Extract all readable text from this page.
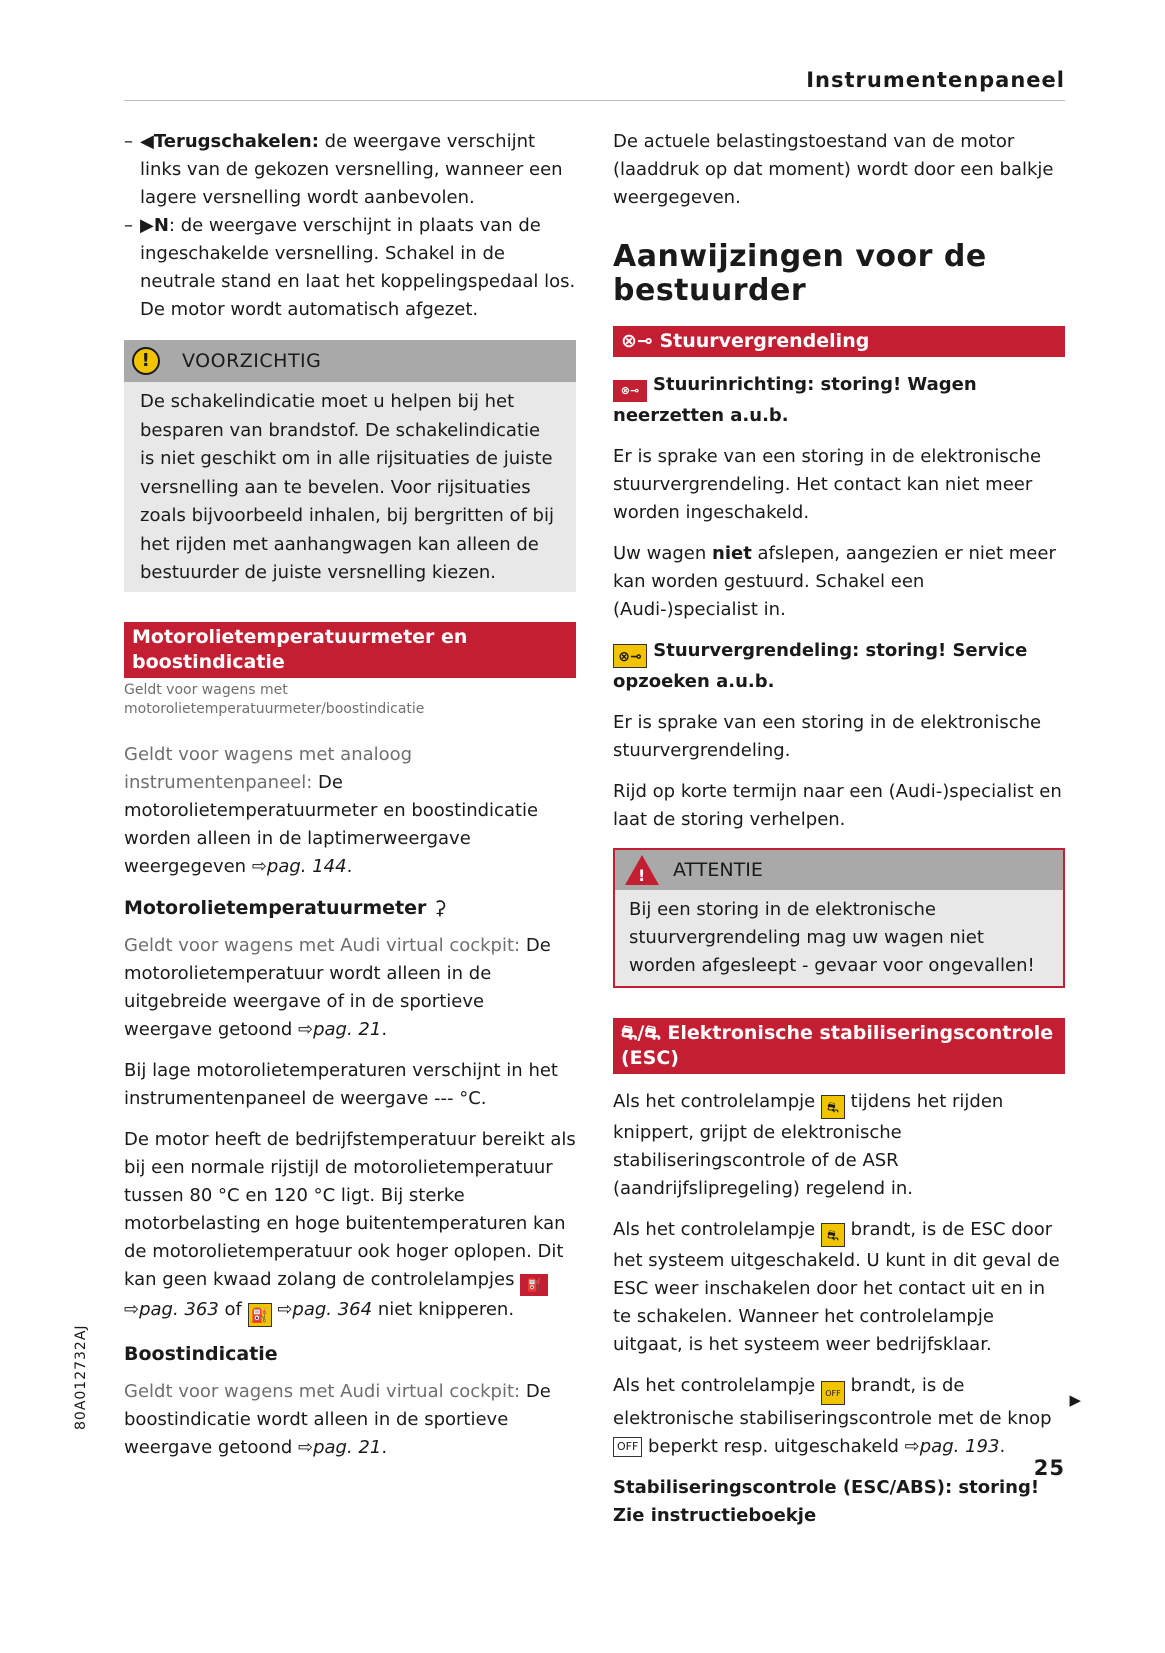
Instrumentenpaneel

– ◀Terugschakelen: de weergave verschijnt links van de gekozen versnelling, wanneer een lagere versnelling wordt aanbevolen.

– ▶N: de weergave verschijnt in plaats van de ingeschakelde versnelling. Schakel in de neutrale stand en laat het koppelingspedaal los. De motor wordt automatisch afgezet.

!	VOORZICHTIG
De schakelindicatie moet u helpen bij het besparen van brandstof. De schakelindicatie is niet geschikt om in alle rijsituaties de juiste versnelling aan te bevelen. Voor rijsituaties zoals bijvoorbeeld inhalen, bij bergritten of bij het rijden met aanhangwagen kan alleen de bestuurder de juiste versnelling kiezen.
Motorolietemperatuurmeter en boostindicatie
Geldt voor wagens met motorolietemperatuurmeter/boostindicatie

Geldt voor wagens met analoog instrumentenpaneel: De motorolietemperatuurmeter en boostindicatie worden alleen in de laptimerweergave weergegeven ⇨pag. 144.

Motorolietemperatuurmeter ⚳

Geldt voor wagens met Audi virtual cockpit: De motorolietemperatuur wordt alleen in de uitgebreide weergave of in de sportieve weergave getoond ⇨pag. 21.

Bij lage motorolietemperaturen verschijnt in het instrumentenpaneel de weergave --- °C.

De motor heeft de bedrijfstemperatuur bereikt als bij een normale rijstijl de motorolietemperatuur tussen 80 °C en 120 °C ligt. Bij sterke motorbelasting en hoge buitentemperaturen kan de motorolietemperatuur ook hoger oplopen. Dit kan geen kwaad zolang de controlelampjes ⛽ ⇨pag. 363 of ⛽ ⇨pag. 364 niet knipperen.

Boostindicatie

Geldt voor wagens met Audi virtual cockpit: De boostindicatie wordt alleen in de sportieve weergave getoond ⇨pag. 21.

De actuele belastingstoestand van de motor (laaddruk op dat moment) wordt door een balkje weergegeven.

Aanwijzingen voor de bestuurder
⊗⊸ Stuurvergrendeling

⊗⊸ Stuurinrichting: storing! Wagen neerzetten a.u.b.

Er is sprake van een storing in de elektronische stuurvergrendeling. Het contact kan niet meer worden ingeschakeld.

Uw wagen niet afslepen, aangezien er niet meer kan worden gestuurd. Schakel een (Audi-)specialist in.

⊗⊸ Stuurvergrendeling: storing! Service opzoeken a.u.b.

Er is sprake van een storing in de elektronische stuurvergrendeling.

Rijd op korte termijn naar een (Audi-)specialist en laat de storing verhelpen.

! ATTENTIE
Bij een storing in de elektronische stuurvergrendeling mag uw wagen niet worden afgesleept - gevaar voor ongevallen!
⛐/⛐ Elektronische stabiliseringscontrole (ESC)

Als het controlelampje ⛐ tijdens het rijden knippert, grijpt de elektronische stabiliseringscontrole of de ASR (aandrijfslipregeling) regelend in.

Als het controlelampje ⛐ brandt, is de ESC door het systeem uitgeschakeld. U kunt in dit geval de ESC weer inschakelen door het contact uit en in te schakelen. Wanneer het controlelampje uitgaat, is het systeem weer bedrijfsklaar.

Als het controlelampje OFF brandt, is de elektronische stabiliseringscontrole met de knop OFF beperkt resp. uitgeschakeld ⇨pag. 193.

Stabiliseringscontrole (ESC/ABS): storing! Zie instructieboekje

▶
25
80A012732AJ
